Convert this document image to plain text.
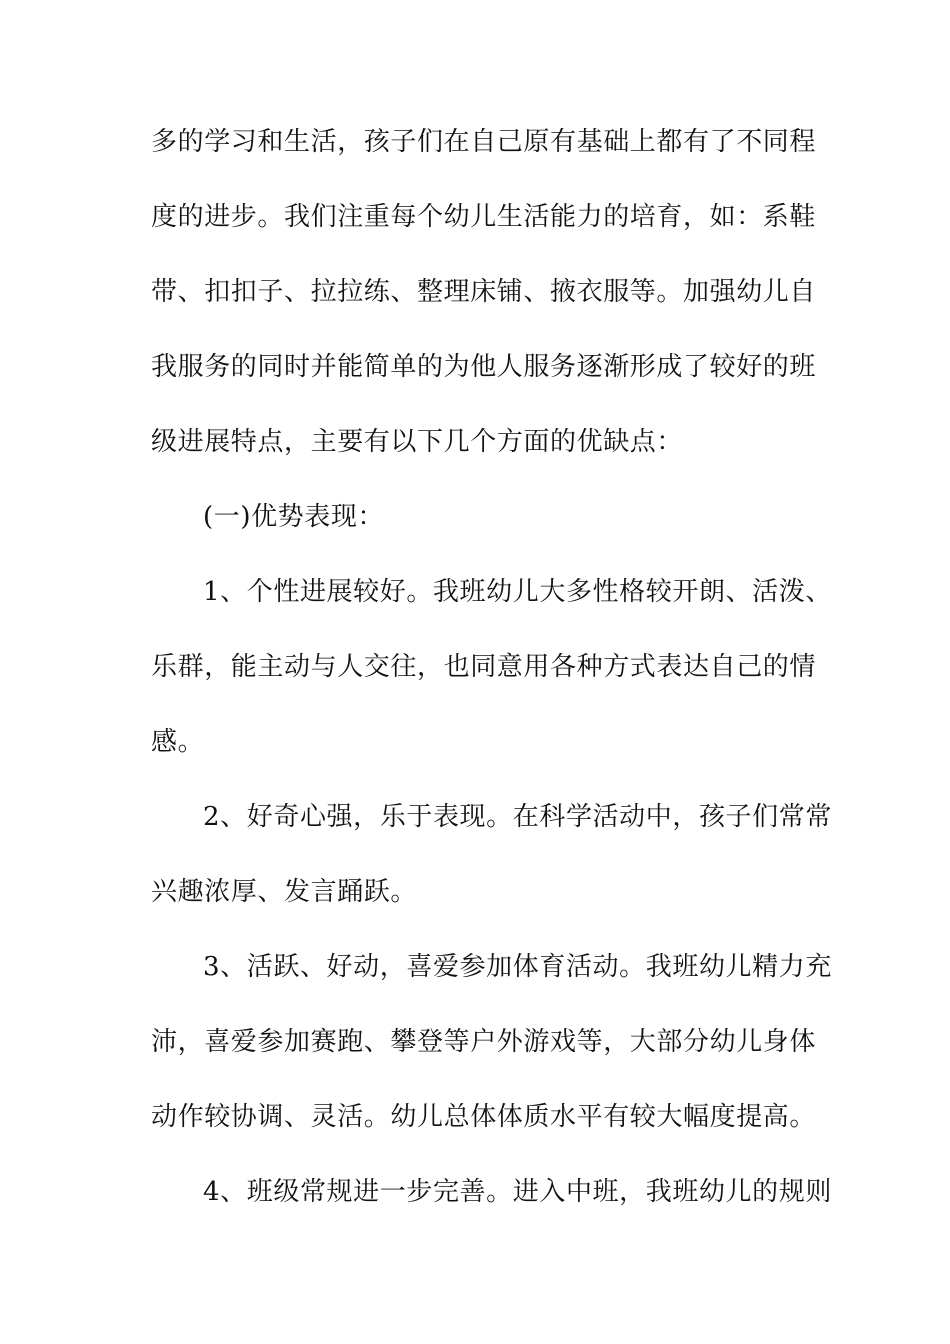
多的学习和生活，孩子们在自己原有基础上都有了不同程
度的进步。我们注重每个幼儿生活能力的培育，如：系鞋
带、扣扣子、拉拉练、整理床铺、掖衣服等。加强幼儿自
我服务的同时并能简单的为他人服务逐渐形成了较好的班
级进展特点，主要有以下几个方面的优缺点：
(一)优势表现：
1、个性进展较好。我班幼儿大多性格较开朗、活泼、
乐群，能主动与人交往，也同意用各种方式表达自己的情
感。
2、好奇心强，乐于表现。在科学活动中，孩子们常常
兴趣浓厚、发言踊跃。
3、活跃、好动，喜爱参加体育活动。我班幼儿精力充
沛，喜爱参加赛跑、攀登等户外游戏等，大部分幼儿身体
动作较协调、灵活。幼儿总体体质水平有较大幅度提高。
4、班级常规进一步完善。进入中班，我班幼儿的规则
